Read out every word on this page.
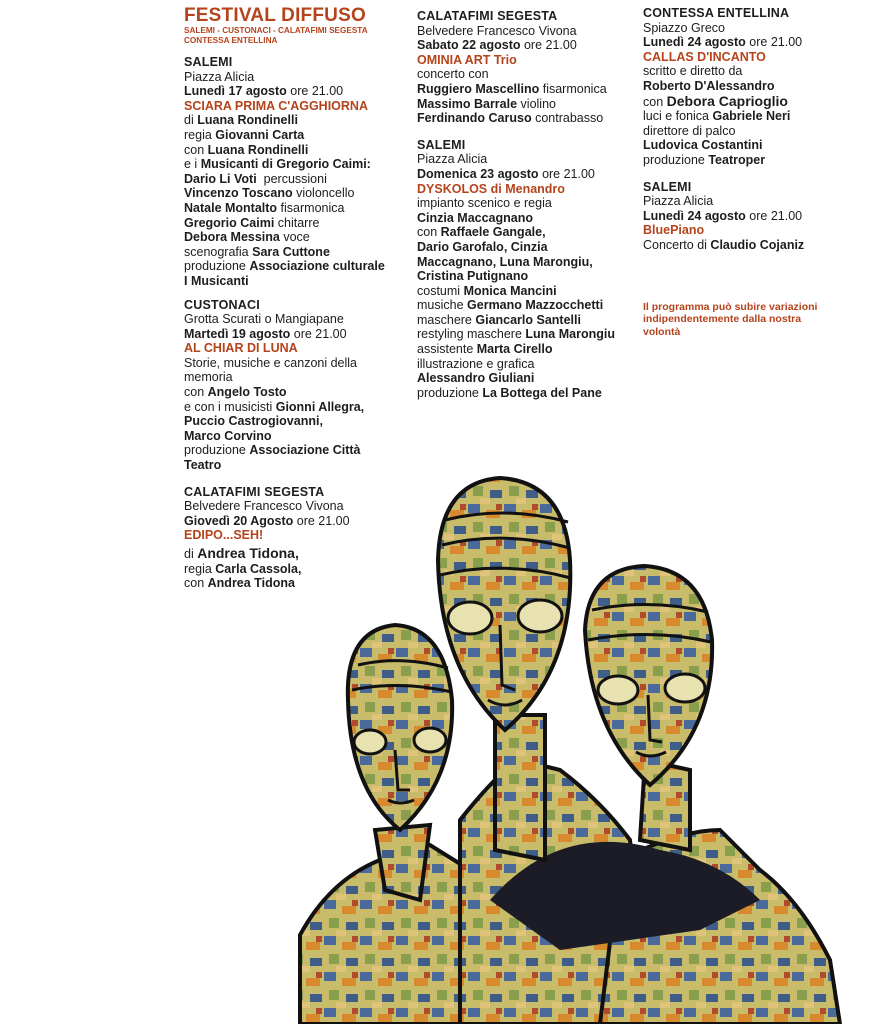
FESTIVAL DIFFUSO
SALEMI - CUSTONACI - CALATAFIMI SEGESTA
CONTESSA ENTELLINA
SALEMI
Piazza Alicia
Lunedì 17 agosto ore 21.00
SCIARA PRIMA C'AGGHIORNA
di Luana Rondinelli
regia Giovanni Carta
con Luana Rondinelli
e i Musicanti di Gregorio Caimi:
Dario Li Voti percussioni
Vincenzo Toscano violoncello
Natale Montalto fisarmonica
Gregorio Caimi chitarre
Debora Messina voce
scenografia Sara Cuttone
produzione Associazione culturale
I Musicanti
CUSTONACI
Grotta Scurati o Mangiapane
Martedì 19 agosto ore 21.00
AL CHIAR DI LUNA
Storie, musiche e canzoni della
memoria
con Angelo Tosto
e con i musicisti Gionni Allegra,
Puccio Castrogiovanni,
Marco Corvino
produzione Associazione Città
Teatro
CALATAFIMI SEGESTA
Belvedere Francesco Vivona
Giovedì 20 Agosto ore 21.00
EDIPO...SEH!
di Andrea Tidona,
regia Carla Cassola,
con Andrea Tidona
CALATAFIMI SEGESTA
Belvedere Francesco Vivona
Sabato 22 agosto ore 21.00
OMINIA ART Trio
concerto con
Ruggiero Mascellino fisarmonica
Massimo Barrale violino
Ferdinando Caruso contrabasso
SALEMI
Piazza Alicia
Domenica 23 agosto ore 21.00
DYSKOLOS di Menandro
impianto scenico e regia
Cinzia Maccagnano
con Raffaele Gangale,
Dario Garofalo, Cinzia
Maccagnano, Luna Marongiu,
Cristina Putignano
costumi Monica Mancini
musiche Germano Mazzocchetti
maschere Giancarlo Santelli
restyling maschere Luna Marongiu
assistente Marta Cirello
illustrazione e grafica
Alessandro Giuliani
produzione La Bottega del Pane
CONTESSA ENTELLINA
Spiazzo Greco
Lunedì 24 agosto ore 21.00
CALLAS D'INCANTO
scritto e diretto da
Roberto D'Alessandro
con Debora Caprioglio
luci e fonica Gabriele Neri
direttore di palco
Ludovica Costantini
produzione Teatroper
SALEMI
Piazza Alicia
Lunedì 24 agosto ore 21.00
BluePiano
Concerto di Claudio Cojaniz
Il programma può subire variazioni
indipendentemente dalla nostra
volontà
